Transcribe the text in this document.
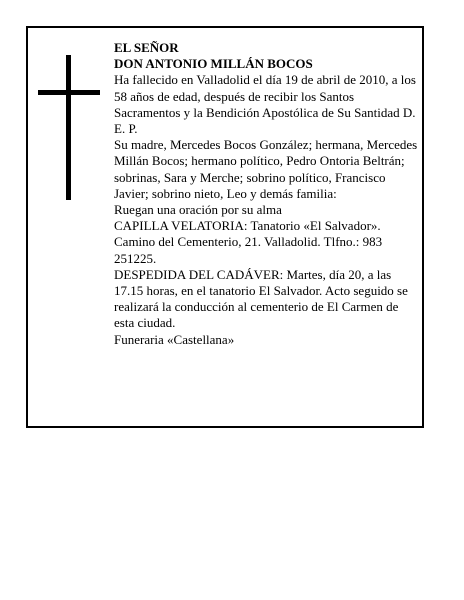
EL SEÑOR

DON ANTONIO MILLÁN BOCOS

Ha fallecido en Valladolid el día 19 de abril de 2010, a los 58 años de edad, después de recibir los Santos Sacramentos y la Bendición Apostólica de Su Santidad D. E. P.

Su madre, Mercedes Bocos González; hermana, Mercedes Millán Bocos; hermano político, Pedro Ontoria Beltrán; sobrinas, Sara y Merche; sobrino político, Francisco Javier; sobrino nieto, Leo y demás familia:

Ruegan una oración por su alma

CAPILLA VELATORIA: Tanatorio «El Salvador». Camino del Cementerio, 21. Valladolid. Tlfno.: 983 251225.

DESPEDIDA DEL CADÁVER: Martes, día 20, a las 17.15 horas, en el tanatorio El Salvador. Acto seguido se realizará la conducción al cementerio de El Carmen de esta ciudad.

Funeraria «Castellana»
